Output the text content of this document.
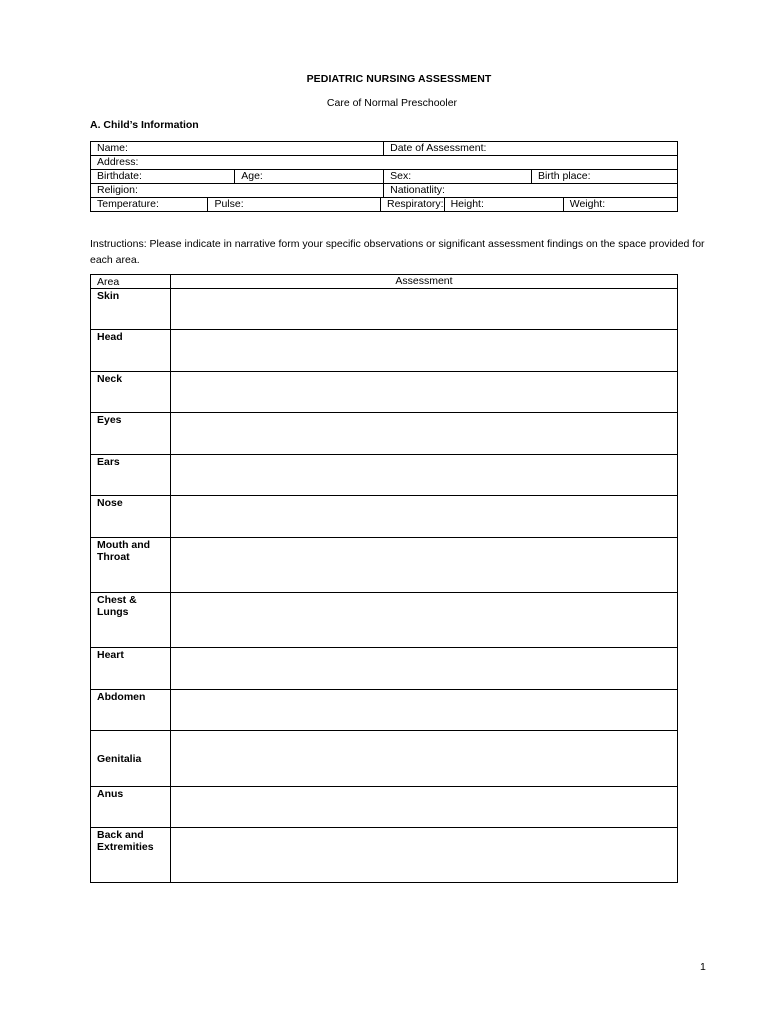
PEDIATRIC NURSING ASSESSMENT
Care of Normal Preschooler
A. Child’s Information
Name:				Date of Assessment:			
Address:							
Birthdate:		Age:		Sex:		Birth place:	
Religion:				Nationatlity:			
Temperature:	Pulse:		Respiratory:		Height:		Weight:
Instructions: Please indicate in narrative form your specific observations or significant assessment findings on the space provided for each area.
Area	Assessment
Skin	
Head	
Neck	
Eyes	
Ears	
Nose	
Mouth and Throat	
Chest & Lungs	
Heart	
Abdomen	
Genitalia	
Anus	
Back and Extremities	
1
